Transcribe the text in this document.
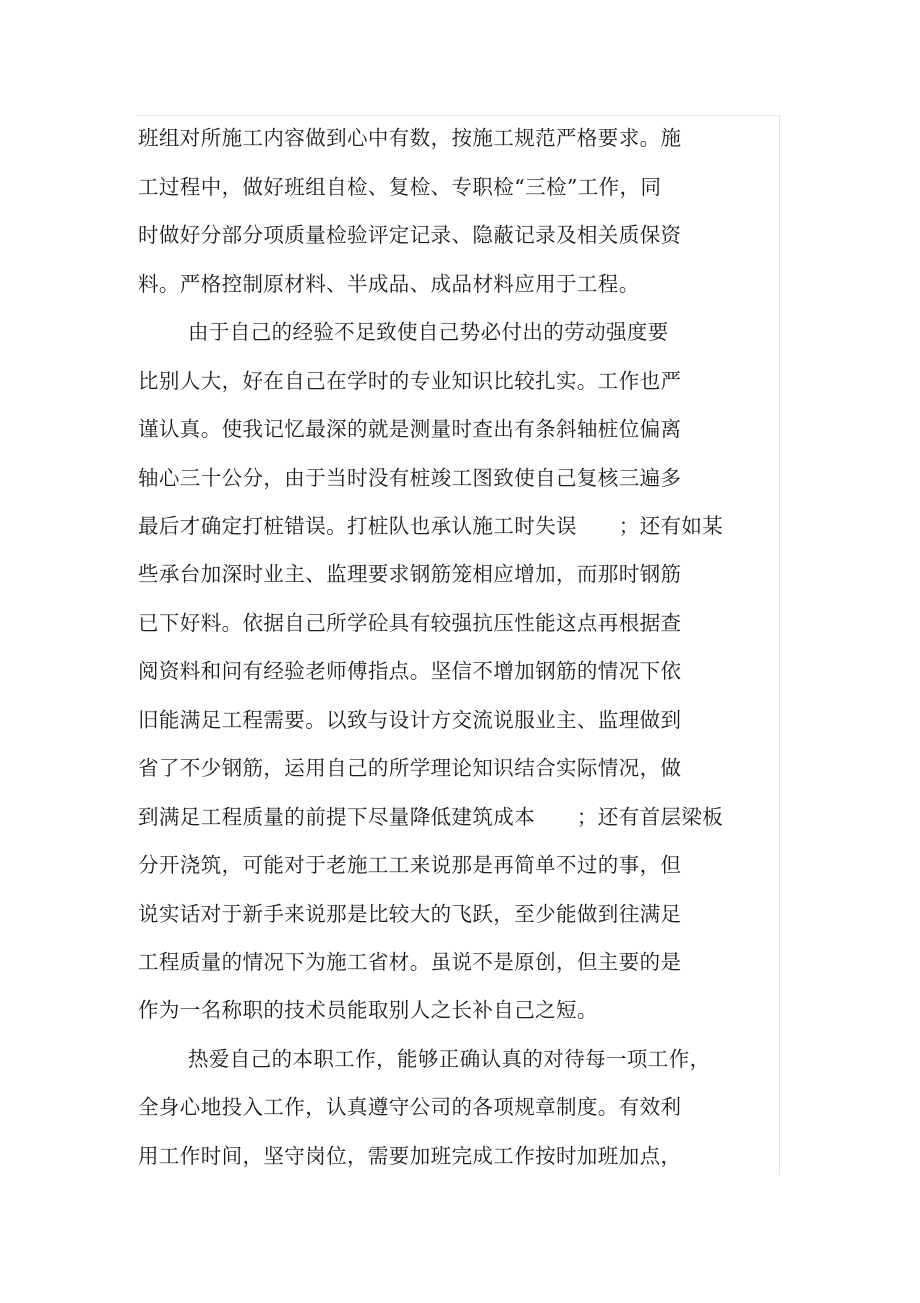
班组对所施工内容做到心中有数，按施工规范严格要求。施
工过程中，做好班组自检、复检、专职检“三检”工作，同
时做好分部分项质量检验评定记录、隐蔽记录及相关质保资
料。严格控制原材料、半成品、成品材料应用于工程。
由于自己的经验不足致使自己势必付出的劳动强度要
比别人大，好在自己在学时的专业知识比较扎实。工作也严
谨认真。使我记忆最深的就是测量时查出有条斜轴桩位偏离
轴心三十公分，由于当时没有桩竣工图致使自己复核三遍多
最后才确定打桩错误。打桩队也承认施工时失误　　；还有如某
些承台加深时业主、监理要求钢筋笼相应增加，而那时钢筋
已下好料。依据自己所学砼具有较强抗压性能这点再根据查
阅资料和问有经验老师傅指点。坚信不增加钢筋的情况下依
旧能满足工程需要。以致与设计方交流说服业主、监理做到
省了不少钢筋，运用自己的所学理论知识结合实际情况，做
到满足工程质量的前提下尽量降低建筑成本　　；还有首层梁板
分开浇筑，可能对于老施工工来说那是再简单不过的事，但
说实话对于新手来说那是比较大的飞跃，至少能做到往满足
工程质量的情况下为施工省材。虽说不是原创，但主要的是
作为一名称职的技术员能取别人之长补自己之短。
热爱自己的本职工作，能够正确认真的对待每一项工作，
全身心地投入工作，认真遵守公司的各项规章制度。有效利
用工作时间，坚守岗位，需要加班完成工作按时加班加点，
